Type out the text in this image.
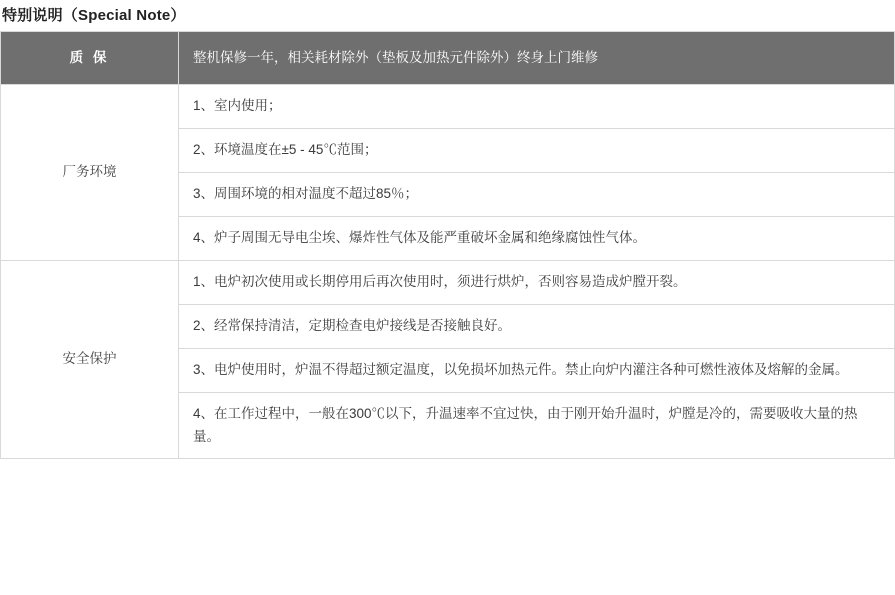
特别说明（Special Note）
质 保	整机保修一年，相关耗材除外（垫板及加热元件除外）终身上门维修
厂务环境	1、室内使用；

	2、环境温度在±5 - 45℃范围；

	3、周围环境的相对温度不超过85％；

	4、炉子周围无导电尘埃、爆炸性气体及能严重破坏金属和绝缘腐蚀性气体。

安全保护	1、电炉初次使用或长期停用后再次使用时，须进行烘炉，否则容易造成炉膛开裂。

	2、经常保持清洁，定期检查电炉接线是否接触良好。

	3、电炉使用时，炉温不得超过额定温度，以免损坏加热元件。禁止向炉内灌注各种可燃性液体及熔解的金属。

	4、在工作过程中，一般在300℃以下，升温速率不宜过快，由于刚开始升温时，炉膛是冷的，需要吸收大量的热量。
